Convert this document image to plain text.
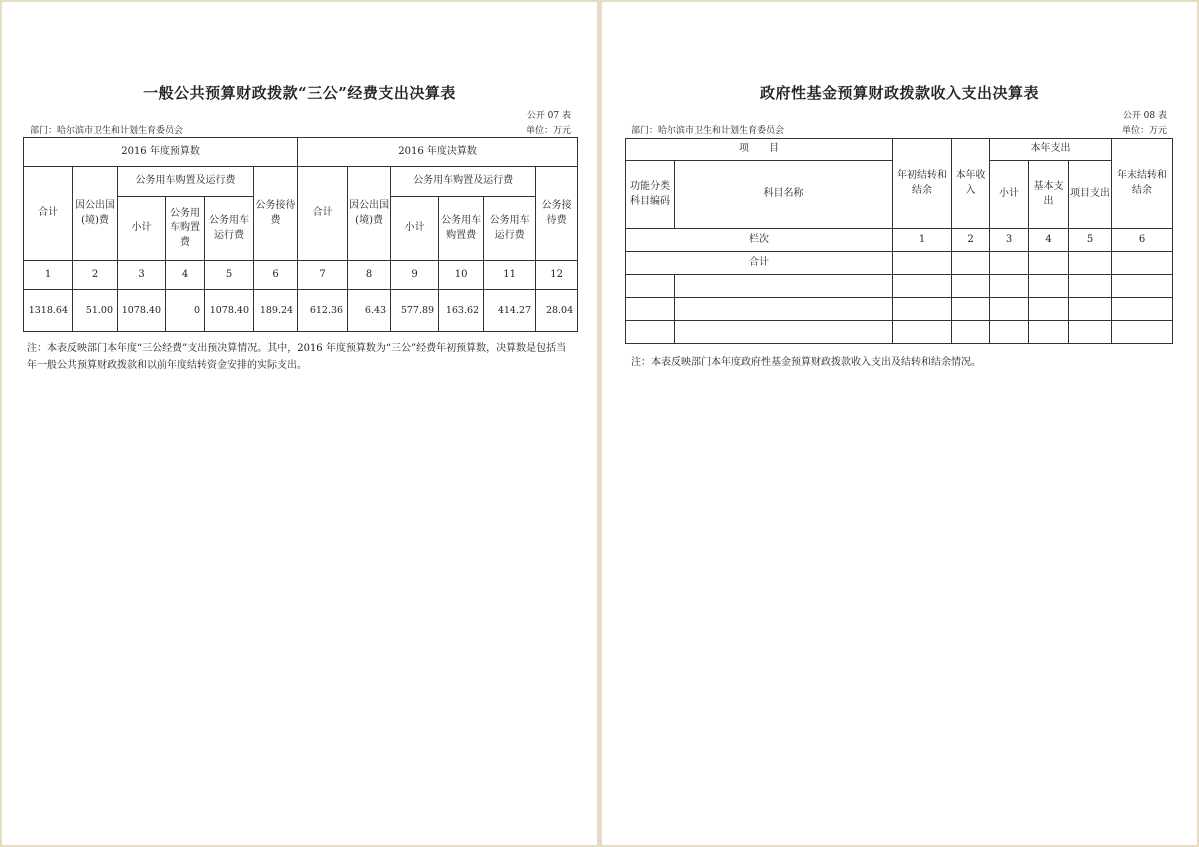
一般公共预算财政拨款“三公”经费支出决算表
公开 07 表
部门：哈尔滨市卫生和计划生育委员会	单位：万元
2016 年度预算数						2016 年度决算数					
合计	因公出国(境)费	公务用车购置及运行费			公务接待费	合计	因公出国(境)费	公务用车购置及运行费			公务接待费
		小计	公务用车购置费	公务用车运行费				小计	公务用车购置费	公务用车运行费	
1	2	3	4	5	6	7	8	9	10	11	12
1318.64	51.00	1078.40	0	1078.40	189.24	612.36	6.43	577.89	163.62	414.27	28.04
注：本表反映部门本年度“三公经费”支出预决算情况。其中，2016 年度预算数为“三公”经费年初预算数，决算数是包括当年一般公共预算财政拨款和以前年度结转资金安排的实际支出。
政府性基金预算财政拨款收入支出决算表
公开 08 表
部门：哈尔滨市卫生和计划生育委员会	单位：万元
项　　目		年初结转和结余	本年收入	本年支出			年末结转和结余
功能分类科目编码	科目名称			小计	基本支出	项目支出	

栏次		1	2	3	4	5	6
合计							

注：本表反映部门本年度政府性基金预算财政拨款收入支出及结转和结余情况。
